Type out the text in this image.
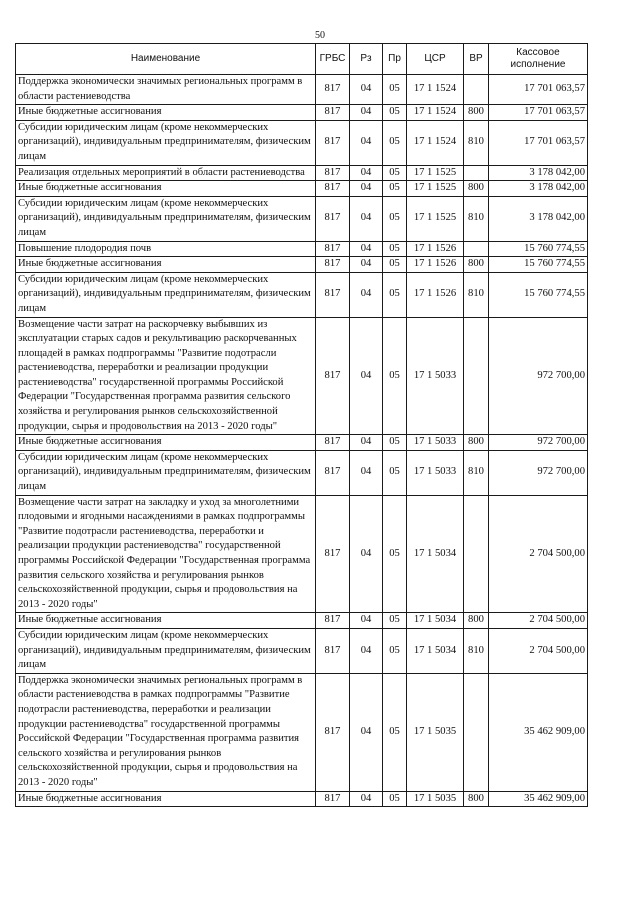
50
Наименование	ГРБС	Рз	Пр	ЦСР	ВР	Кассовое исполнение
Поддержка экономически значимых региональных программ в области растениеводства	817	04	05	17 1 1524		17 701 063,57
Иные бюджетные ассигнования	817	04	05	17 1 1524	800	17 701 063,57
Субсидии юридическим лицам (кроме некоммерческих организаций), индивидуальным предпринимателям, физическим лицам	817	04	05	17 1 1524	810	17 701 063,57
Реализация отдельных мероприятий в области растениеводства	817	04	05	17 1 1525		3 178 042,00
Иные бюджетные ассигнования	817	04	05	17 1 1525	800	3 178 042,00
Субсидии юридическим лицам (кроме некоммерческих организаций), индивидуальным предпринимателям, физическим лицам	817	04	05	17 1 1525	810	3 178 042,00
Повышение плодородия почв	817	04	05	17 1 1526		15 760 774,55
Иные бюджетные ассигнования	817	04	05	17 1 1526	800	15 760 774,55
Субсидии юридическим лицам (кроме некоммерческих организаций), индивидуальным предпринимателям, физическим лицам	817	04	05	17 1 1526	810	15 760 774,55
Возмещение части затрат на раскорчевку выбывших из эксплуатации старых садов и рекультивацию раскорчеванных площадей в рамках подпрограммы "Развитие подотрасли растениеводства, переработки и реализации продукции растениеводства" государственной программы Российской Федерации "Государственная программа развития сельского хозяйства и регулирования рынков сельскохозяйственной продукции, сырья и продовольствия на 2013 - 2020 годы"	817	04	05	17 1 5033		972 700,00
Иные бюджетные ассигнования	817	04	05	17 1 5033	800	972 700,00
Субсидии юридическим лицам (кроме некоммерческих организаций), индивидуальным предпринимателям, физическим лицам	817	04	05	17 1 5033	810	972 700,00
Возмещение части затрат на закладку и уход за многолетними плодовыми и ягодными насаждениями в рамках подпрограммы "Развитие подотрасли растениеводства, переработки и реализации продукции растениеводства" государственной программы Российской Федерации "Государственная программа развития сельского хозяйства и регулирования рынков сельскохозяйственной продукции, сырья и продовольствия на 2013 - 2020 годы"	817	04	05	17 1 5034		2 704 500,00
Иные бюджетные ассигнования	817	04	05	17 1 5034	800	2 704 500,00
Субсидии юридическим лицам (кроме некоммерческих организаций), индивидуальным предпринимателям, физическим лицам	817	04	05	17 1 5034	810	2 704 500,00
Поддержка экономически значимых региональных программ в области растениеводства в рамках подпрограммы "Развитие подотрасли растениеводства, переработки и реализации продукции растениеводства" государственной программы Российской Федерации "Государственная программа развития сельского хозяйства и регулирования рынков сельскохозяйственной продукции, сырья и продовольствия на 2013 - 2020 годы"	817	04	05	17 1 5035		35 462 909,00
Иные бюджетные ассигнования	817	04	05	17 1 5035	800	35 462 909,00
